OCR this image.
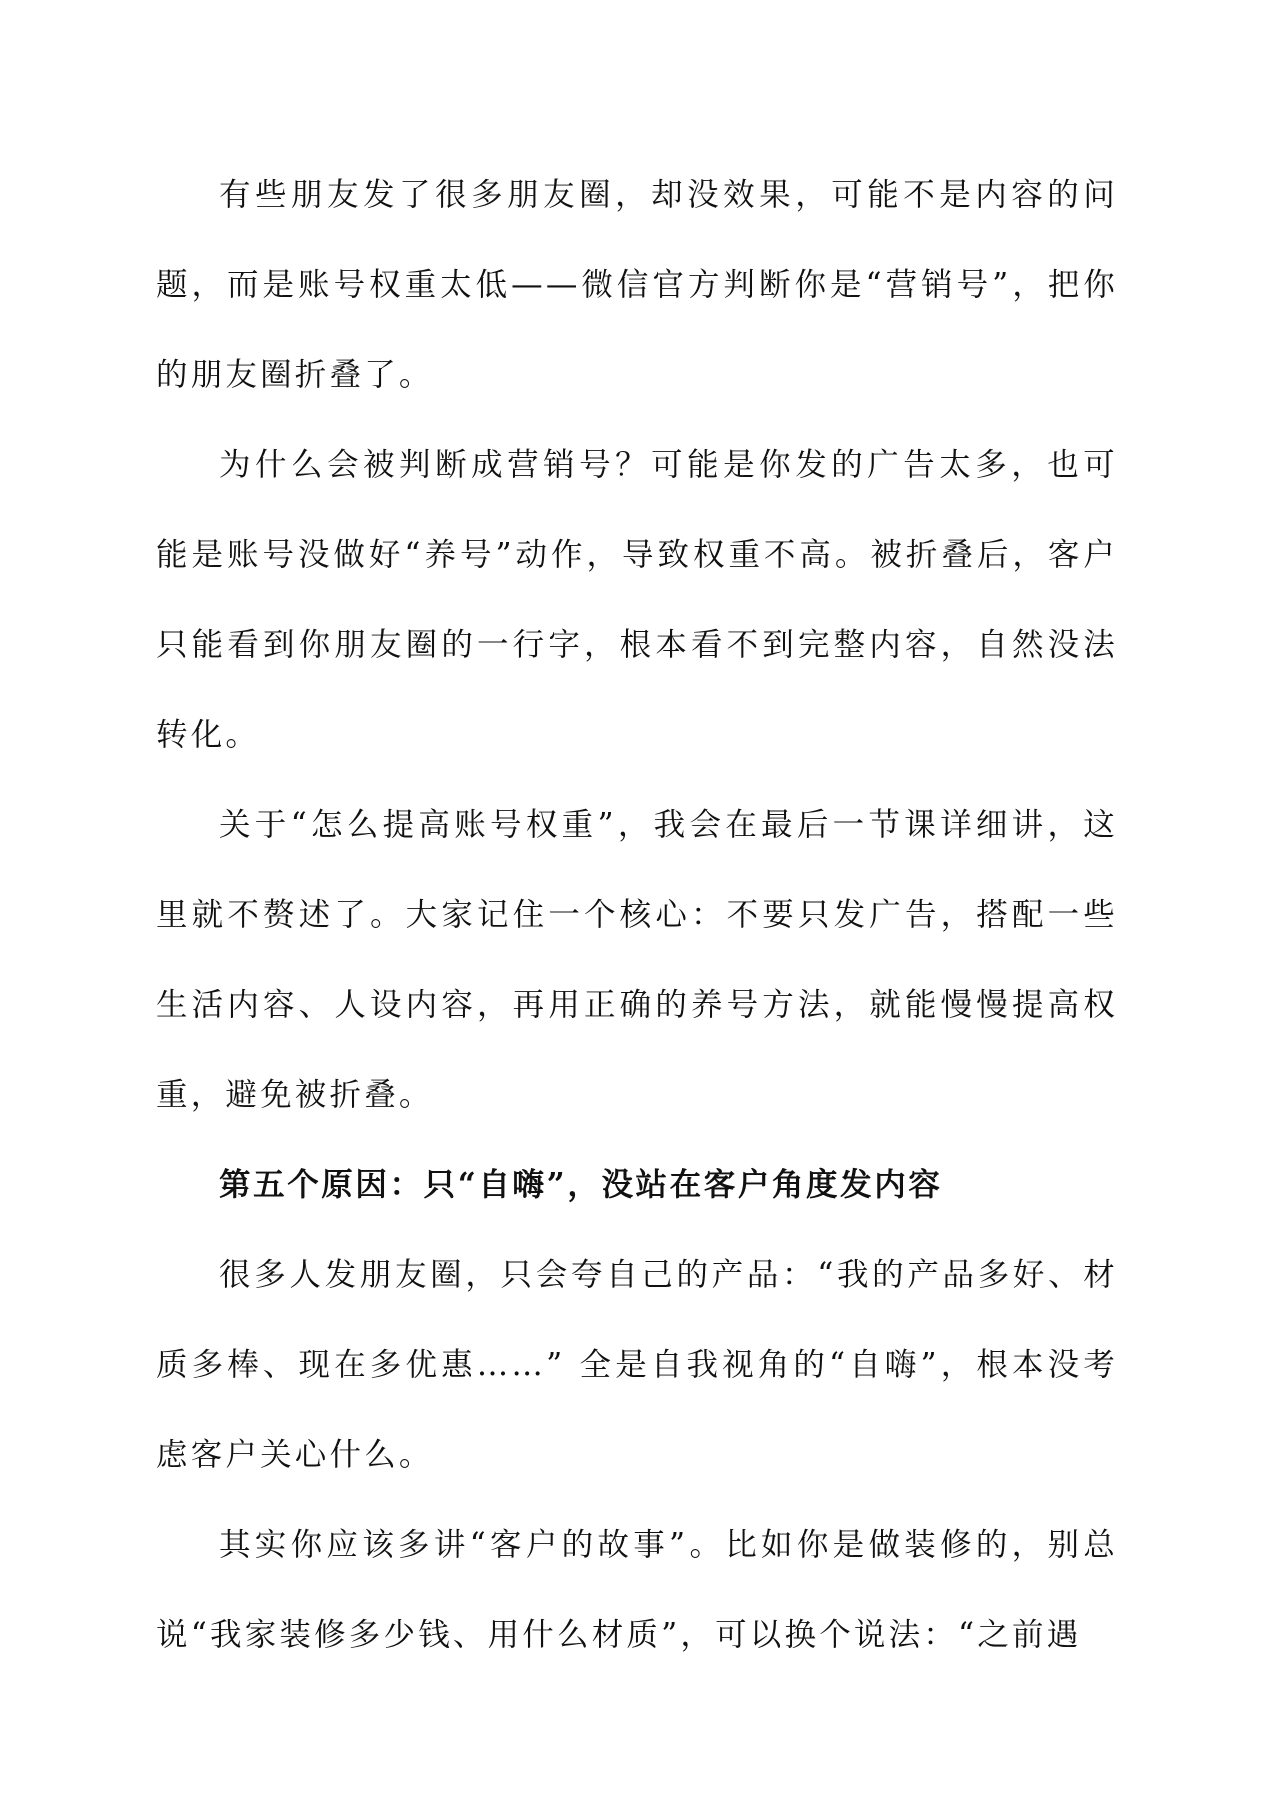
有些朋友发了很多朋友圈，却没效果，可能不是内容的问题，而是账号权重太低——微信官方判断你是“营销号”，把你的朋友圈折叠了。

为什么会被判断成营销号？可能是你发的广告太多，也可能是账号没做好“养号”动作，导致权重不高。被折叠后，客户只能看到你朋友圈的一行字，根本看不到完整内容，自然没法转化。

关于“怎么提高账号权重”，我会在最后一节课详细讲，这里就不赘述了。大家记住一个核心：不要只发广告，搭配一些生活内容、人设内容，再用正确的养号方法，就能慢慢提高权重，避免被折叠。

第五个原因：只“自嗨”，没站在客户角度发内容

很多人发朋友圈，只会夸自己的产品：“我的产品多好、材质多棒、现在多优惠……” 全是自我视角的“自嗨”，根本没考虑客户关心什么。

其实你应该多讲“客户的故事”。比如你是做装修的，别总说“我家装修多少钱、用什么材质”，可以换个说法：“之前遇
